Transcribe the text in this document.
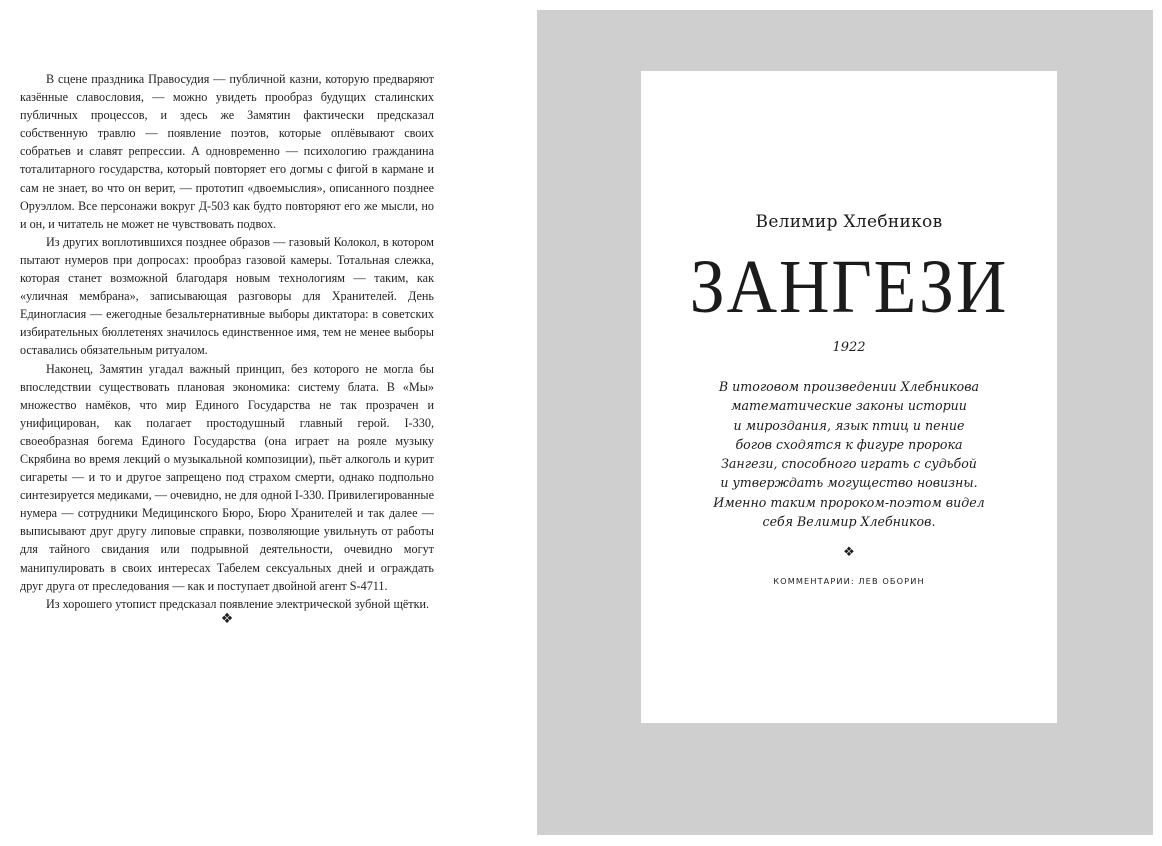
В сцене праздника Правосудия — публичной казни, которую предваряют казённые славословия, — можно увидеть прообраз будущих сталинских публичных процессов, и здесь же Замятин фактически предсказал собственную травлю — появление поэтов, которые оплёвывают своих собратьев и славят репрессии. А одновременно — психологию гражданина тоталитарного государства, который повторяет его догмы с фигой в кармане и сам не знает, во что он верит, — прототип «двоемыслия», описанного позднее Оруэллом. Все персонажи вокруг Д-503 как будто повторяют его же мысли, но и он, и читатель не может не чувствовать подвох.

Из других воплотившихся позднее образов — газовый Колокол, в котором пытают нумеров при допросах: прообраз газовой камеры. Тотальная слежка, которая станет возможной благодаря новым технологиям — таким, как «уличная мембрана», записывающая разговоры для Хранителей. День Единогласия — ежегодные безальтернативные выборы диктатора: в советских избирательных бюллетенях значилось единственное имя, тем не менее выборы оставались обязательным ритуалом.

Наконец, Замятин угадал важный принцип, без которого не могла бы впоследствии существовать плановая экономика: систему блата. В «Мы» множество намёков, что мир Единого Государства не так прозрачен и унифицирован, как полагает простодушный главный герой. I-330, своеобразная богема Единого Государства (она играет на рояле музыку Скрябина во время лекций о музыкальной композиции), пьёт алкоголь и курит сигареты — и то и другое запрещено под страхом смерти, однако подпольно синтезируется медиками, — очевидно, не для одной I-330. Привилегированные нумера — сотрудники Медицинского Бюро, Бюро Хранителей и так далее — выписывают друг другу липовые справки, позволяющие увильнуть от работы для тайного свидания или подрывной деятельности, очевидно могут манипулировать в своих интересах Табелем сексуальных дней и ограждать друг друга от преследования — как и поступает двойной агент S-4711.

Из хорошего утопист предсказал появление электрической зубной щётки.

❖
Велимир Хлебников
ЗАНГЕЗИ
1922
В итоговом произведении Хлебникова
математические законы истории
и мироздания, язык птиц и пение
богов сходятся к фигуре пророка
Зангези, способного играть с судьбой
и утверждать могущество новизны.
Именно таким пророком-поэтом видел
себя Велимир Хлебников.
❖
КОММЕНТАРИИ: ЛЕВ ОБОРИН
